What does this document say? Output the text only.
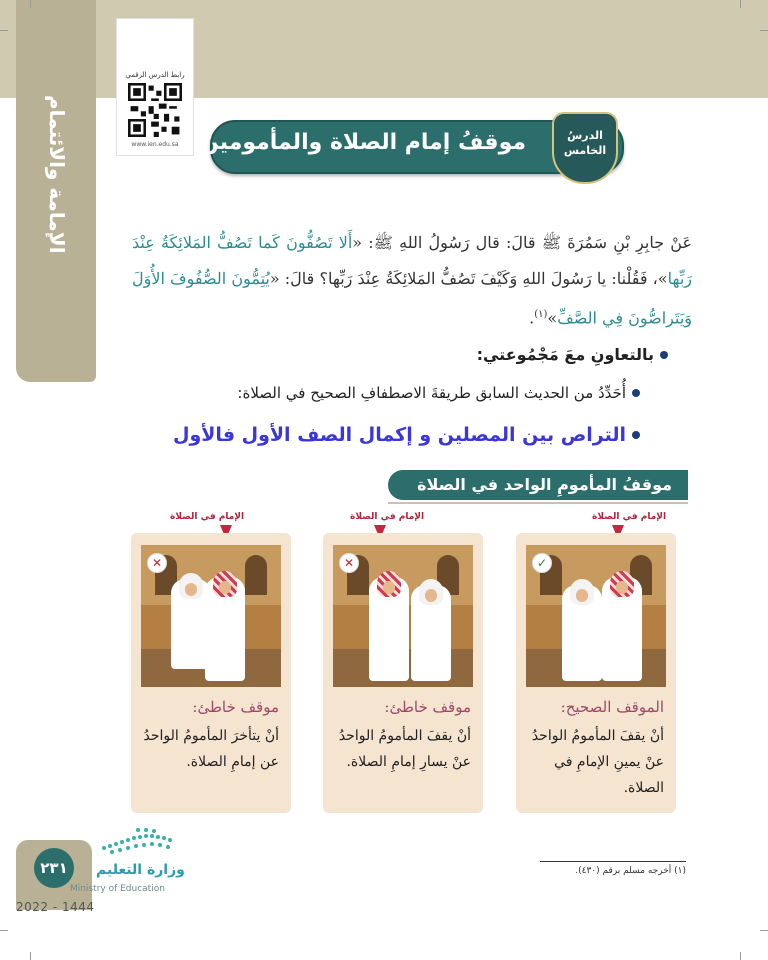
الإمامة والائتمام
رابط الدرس الرقمي
www.ien.edu.sa موقفُ إمام الصلاة والمأمومينَ	الدرسُ
الخامس
عَنْ جابِرِ بْنِ سَمُرَةَ ﷺ قالَ: قال رَسُولُ اللهِ ﷺ: «أَلا تَصُفُّونَ كَما تَصُفُّ المَلائِكَةُ عِنْدَ رَبِّها»، فَقُلْنا: يا رَسُولَ اللهِ وَكَيْفَ تَصُفُّ المَلائِكَةُ عِنْدَ رَبِّها؟ قالَ: «يُتِمُّونَ الصُّفُوفَ الأُوَلَ وَيَتَراصُّونَ فِي الصَّفِّ»$^{(١)}$.
بالتعاونِ معَ مَجْمُوعتي:
أُحَدِّدُ من الحديث السابق طريقةَ الاصطفافِ الصحيح في الصلاة:
التراص بين المصلين و إكمال الصف الأول فالأول
موقفُ المأمومِ الواحد في الصلاة
الإمام في الصلاة
الإمام في الصلاة
الإمام في الصلاة
✓
الموقف الصحيح:
أنْ يقفَ المأمومُ الواحدُ عنْ يمينِ الإمامِ في الصلاة.
✕
موقف خاطئ:
أنْ يقفَ المأمومُ الواحدُ عنْ يسارِ إمامِ الصلاة.
✕
موقف خاطئ:
أنْ يتأخرَ المأمومُ الواحدُ عن إمامِ الصلاة.
(١) أخرجه مسلم برقم (٤٣٠).
٢٣١	وزارة التعليم
Ministry of Education
2022 - 1444
